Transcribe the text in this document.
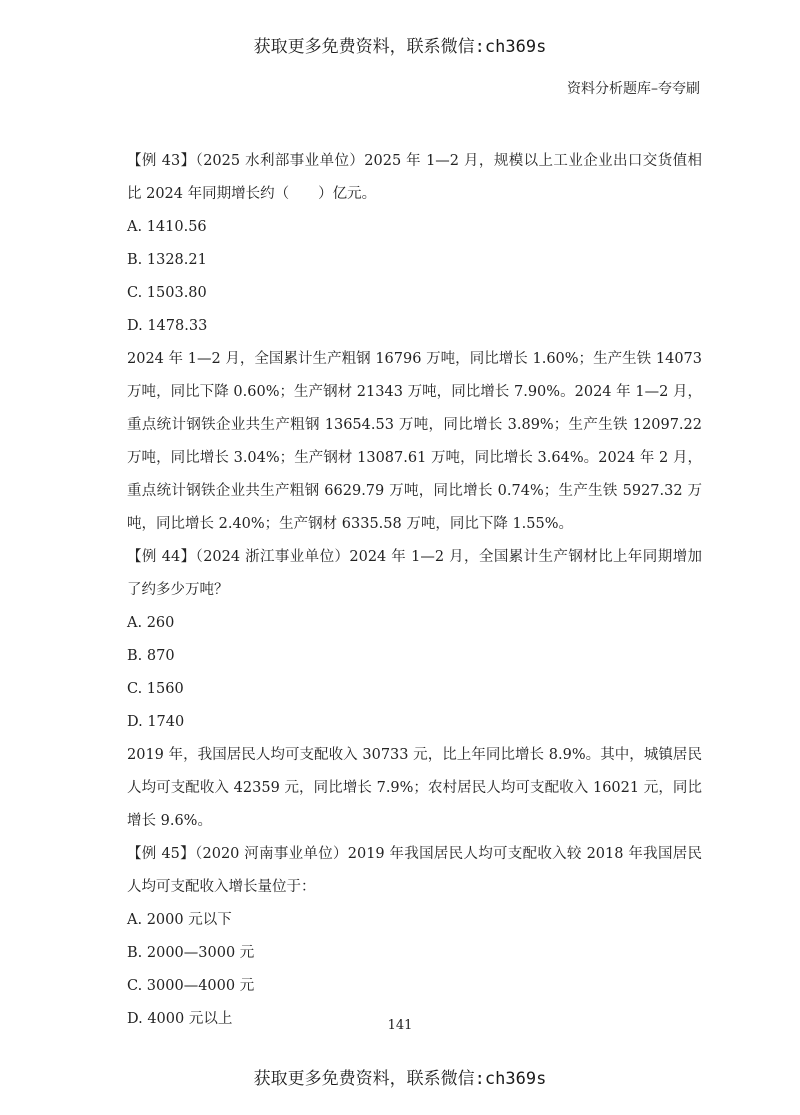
获取更多免费资料，联系微信:ch369s
资料分析题库–夸夸刷

【例 43】（2025 水利部事业单位）2025 年 1—2 月，规模以上工业企业出口交货值相比 2024 年同期增长约（　　）亿元。

A. 1410.56
B. 1328.21
C. 1503.80
D. 1478.33

2024 年 1—2 月，全国累计生产粗钢 16796 万吨，同比增长 1.60%；生产生铁 14073 万吨，同比下降 0.60%；生产钢材 21343 万吨，同比增长 7.90%。2024 年 1—2 月，重点统计钢铁企业共生产粗钢 13654.53 万吨，同比增长 3.89%；生产生铁 12097.22 万吨，同比增长 3.04%；生产钢材 13087.61 万吨，同比增长 3.64%。2024 年 2 月，重点统计钢铁企业共生产粗钢 6629.79 万吨，同比增长 0.74%；生产生铁 5927.32 万吨，同比增长 2.40%；生产钢材 6335.58 万吨，同比下降 1.55%。

【例 44】（2024 浙江事业单位）2024 年 1—2 月，全国累计生产钢材比上年同期增加了约多少万吨？

A. 260
B. 870
C. 1560
D. 1740

2019 年，我国居民人均可支配收入 30733 元，比上年同比增长 8.9%。其中，城镇居民人均可支配收入 42359 元，同比增长 7.9%；农村居民人均可支配收入 16021 元，同比增长 9.6%。

【例 45】（2020 河南事业单位）2019 年我国居民人均可支配收入较 2018 年我国居民人均可支配收入增长量位于：

A. 2000 元以下
B. 2000—3000 元
C. 3000—4000 元
D. 4000 元以上	141
获取更多免费资料，联系微信:ch369s
